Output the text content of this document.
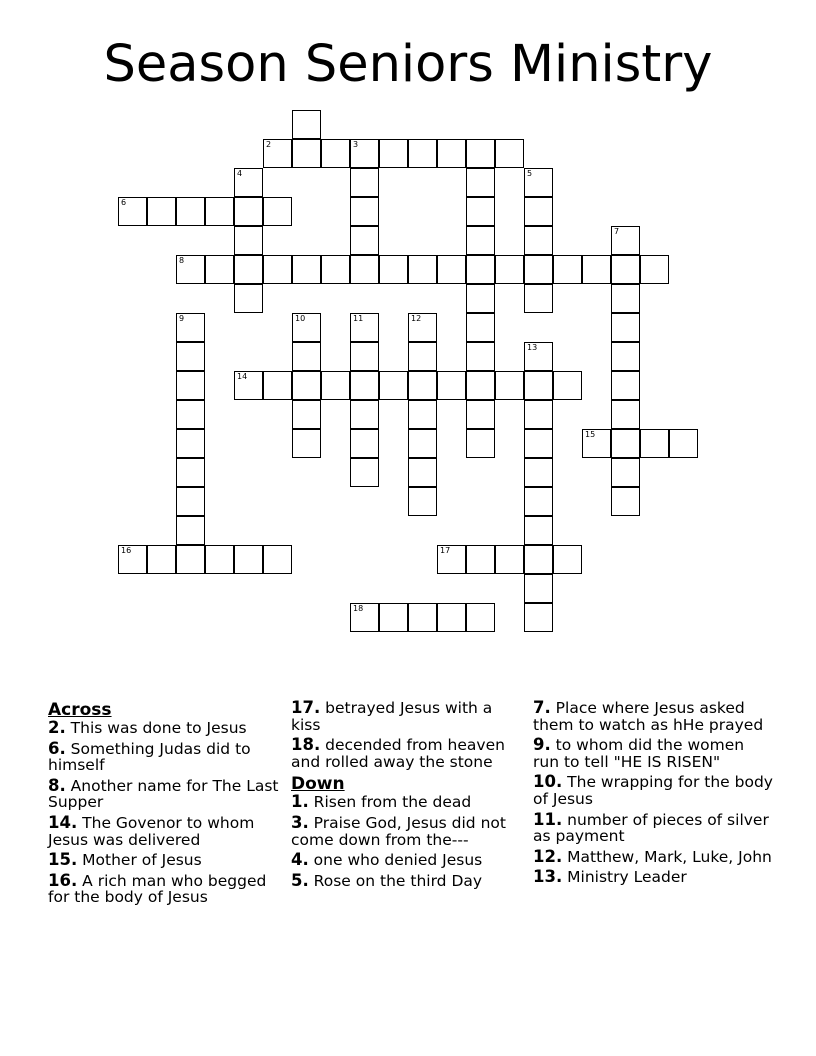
Season Seniors Ministry
2	3
4	5
6
7
8
9	10	11	12
13
14
15
16	17
18
Across
2. This was done to Jesus
6. Something Judas did to himself
8. Another name for The Last Supper
14. The Govenor to whom Jesus was delivered
15. Mother of Jesus
16. A rich man who begged for the body of Jesus
17. betrayed Jesus with a kiss
18. decended from heaven and rolled away the stone
Down
1. Risen from the dead
3. Praise God, Jesus did not come down from the---
4. one who denied Jesus
5. Rose on the third Day
7. Place where Jesus asked them to watch as hHe prayed
9. to whom did the women run to tell "HE IS RISEN"
10. The wrapping for the body of Jesus
11. number of pieces of silver as payment
12. Matthew, Mark, Luke, John
13. Ministry Leader
